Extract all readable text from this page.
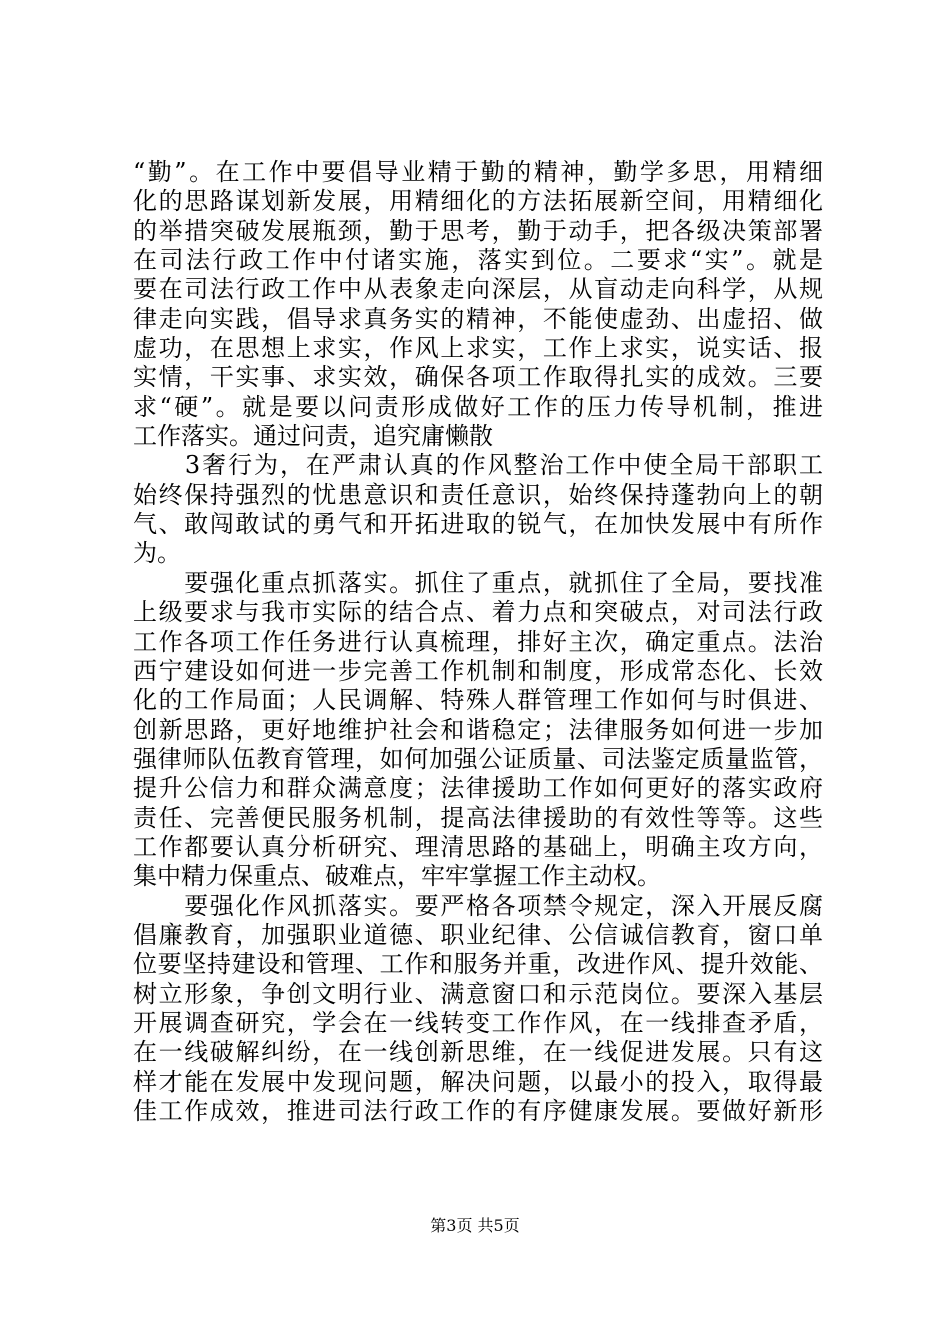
“勤”。在工作中要倡导业精于勤的精神，勤学多思，用精细
化的思路谋划新发展，用精细化的方法拓展新空间，用精细化
的举措突破发展瓶颈，勤于思考，勤于动手，把各级决策部署
在司法行政工作中付诸实施，落实到位。二要求“实”。就是
要在司法行政工作中从表象走向深层，从盲动走向科学，从规
律走向实践，倡导求真务实的精神，不能使虚劲、出虚招、做
虚功，在思想上求实，作风上求实，工作上求实，说实话、报
实情，干实事、求实效，确保各项工作取得扎实的成效。三要
求“硬”。就是要以问责形成做好工作的压力传导机制，推进
工作落实。通过问责，追究庸懒散
　　3奢行为，在严肃认真的作风整治工作中使全局干部职工
始终保持强烈的忧患意识和责任意识，始终保持蓬勃向上的朝
气、敢闯敢试的勇气和开拓进取的锐气，在加快发展中有所作
为。
　　要强化重点抓落实。抓住了重点，就抓住了全局，要找准
上级要求与我市实际的结合点、着力点和突破点，对司法行政
工作各项工作任务进行认真梳理，排好主次，确定重点。法治
西宁建设如何进一步完善工作机制和制度，形成常态化、长效
化的工作局面；人民调解、特殊人群管理工作如何与时俱进、
创新思路，更好地维护社会和谐稳定；法律服务如何进一步加
强律师队伍教育管理，如何加强公证质量、司法鉴定质量监管，
提升公信力和群众满意度；法律援助工作如何更好的落实政府
责任、完善便民服务机制，提高法律援助的有效性等等。这些
工作都要认真分析研究、理清思路的基础上，明确主攻方向，
集中精力保重点、破难点，牢牢掌握工作主动权。
　　要强化作风抓落实。要严格各项禁令规定，深入开展反腐
倡廉教育，加强职业道德、职业纪律、公信诚信教育，窗口单
位要坚持建设和管理、工作和服务并重，改进作风、提升效能、
树立形象，争创文明行业、满意窗口和示范岗位。要深入基层
开展调查研究，学会在一线转变工作作风，在一线排查矛盾，
在一线破解纠纷，在一线创新思维，在一线促进发展。只有这
样才能在发展中发现问题，解决问题，以最小的投入，取得最
佳工作成效，推进司法行政工作的有序健康发展。要做好新形
第3页 共5页
